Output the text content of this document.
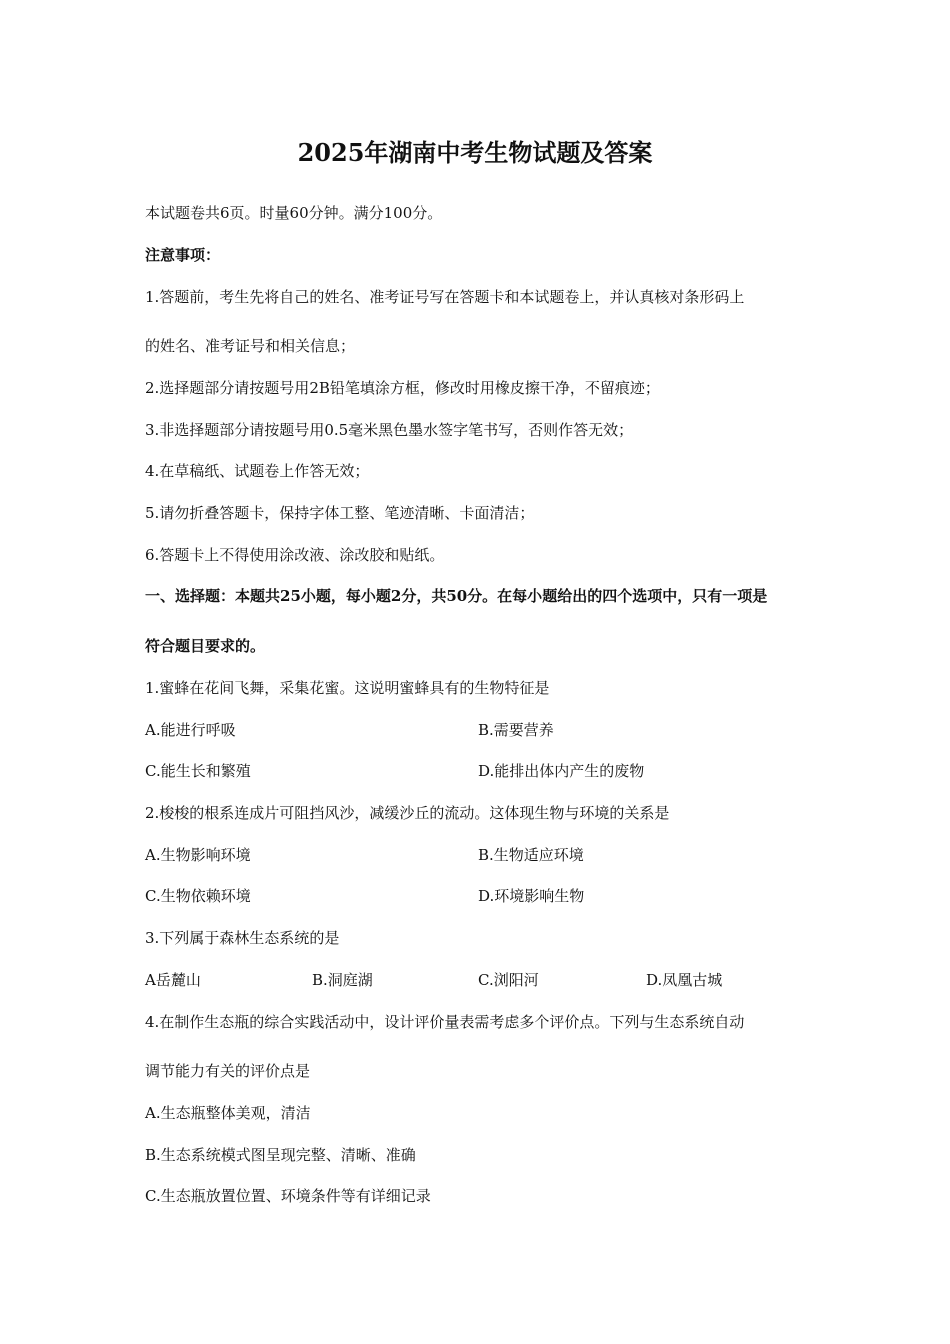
2025年湖南中考生物试题及答案
本试题卷共6页。时量60分钟。满分100分。
注意事项：
1.答题前，考生先将自己的姓名、准考证号写在答题卡和本试题卷上，并认真核对条形码上
的姓名、准考证号和相关信息；
2.选择题部分请按题号用2B铅笔填涂方框，修改时用橡皮擦干净，不留痕迹；
3.非选择题部分请按题号用0.5毫米黑色墨水签字笔书写，否则作答无效；
4.在草稿纸、试题卷上作答无效；
5.请勿折叠答题卡，保持字体工整、笔迹清晰、卡面清洁；
6.答题卡上不得使用涂改液、涂改胶和贴纸。
一、选择题：本题共25小题，每小题2分，共50分。在每小题给出的四个选项中，只有一项是
符合题目要求的。
1.蜜蜂在花间飞舞，采集花蜜。这说明蜜蜂具有的生物特征是
A.能进行呼吸	B.需要营养
C.能生长和繁殖	D.能排出体内产生的废物
2.梭梭的根系连成片可阻挡风沙，减缓沙丘的流动。这体现生物与环境的关系是
A.生物影响环境	B.生物适应环境
C.生物依赖环境	D.环境影响生物
3.下列属于森林生态系统的是
A岳麓山	B.洞庭湖	C.浏阳河	D.凤凰古城
4.在制作生态瓶的综合实践活动中，设计评价量表需考虑多个评价点。下列与生态系统自动
调节能力有关的评价点是
A.生态瓶整体美观，清洁
B.生态系统模式图呈现完整、清晰、准确
C.生态瓶放置位置、环境条件等有详细记录
